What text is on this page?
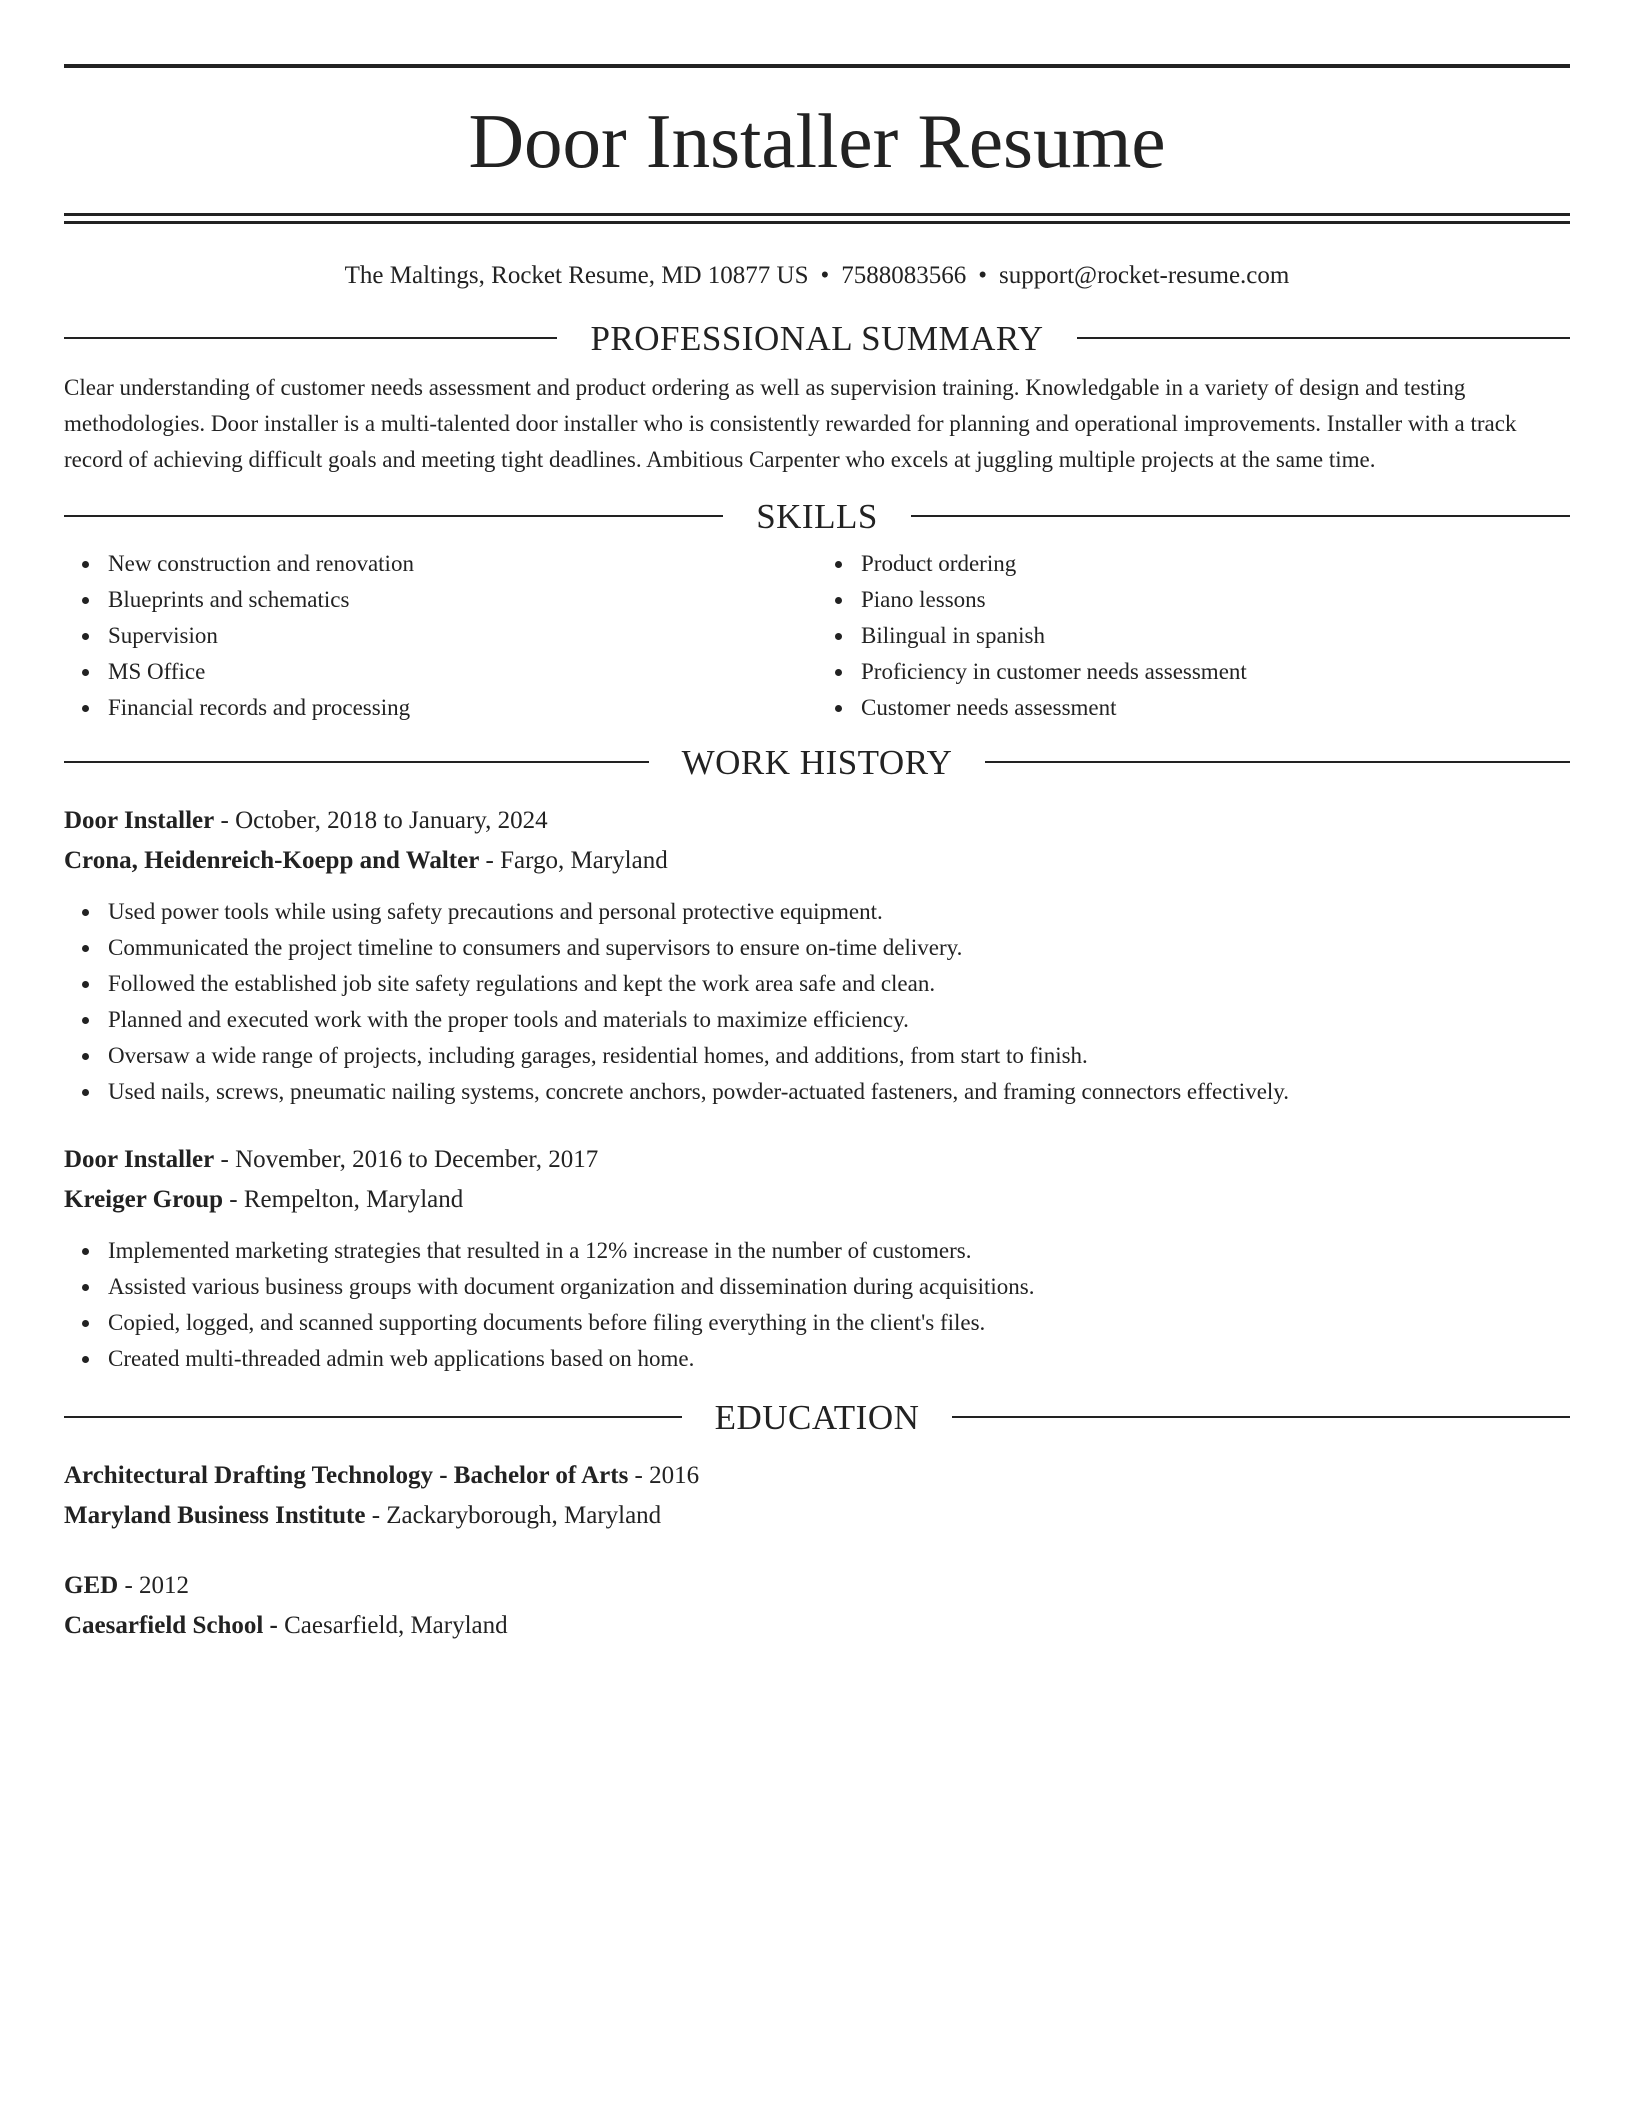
Door Installer Resume
The Maltings, Rocket Resume, MD 10877 US • 7588083566 • support@rocket-resume.com
PROFESSIONAL SUMMARY

Clear understanding of customer needs assessment and product ordering as well as supervision training. Knowledgable in a variety of design and testing methodologies. Door installer is a multi-talented door installer who is consistently rewarded for planning and operational improvements. Installer with a track record of achieving difficult goals and meeting tight deadlines. Ambitious Carpenter who excels at juggling multiple projects at the same time.

SKILLS
New construction and renovation
Blueprints and schematics
Supervision
MS Office
Financial records and processing
Product ordering
Piano lessons
Bilingual in spanish
Proficiency in customer needs assessment
Customer needs assessment
WORK HISTORY
Door Installer - October, 2018 to January, 2024
Crona, Heidenreich-Koepp and Walter - Fargo, Maryland
Used power tools while using safety precautions and personal protective equipment.
Communicated the project timeline to consumers and supervisors to ensure on-time delivery.
Followed the established job site safety regulations and kept the work area safe and clean.
Planned and executed work with the proper tools and materials to maximize efficiency.
Oversaw a wide range of projects, including garages, residential homes, and additions, from start to finish.
Used nails, screws, pneumatic nailing systems, concrete anchors, powder-actuated fasteners, and framing connectors effectively.
Door Installer - November, 2016 to December, 2017
Kreiger Group - Rempelton, Maryland
Implemented marketing strategies that resulted in a 12% increase in the number of customers.
Assisted various business groups with document organization and dissemination during acquisitions.
Copied, logged, and scanned supporting documents before filing everything in the client's files.
Created multi-threaded admin web applications based on home.
EDUCATION
Architectural Drafting Technology - Bachelor of Arts - 2016
Maryland Business Institute - Zackaryborough, Maryland
GED - 2012
Caesarfield School - Caesarfield, Maryland
